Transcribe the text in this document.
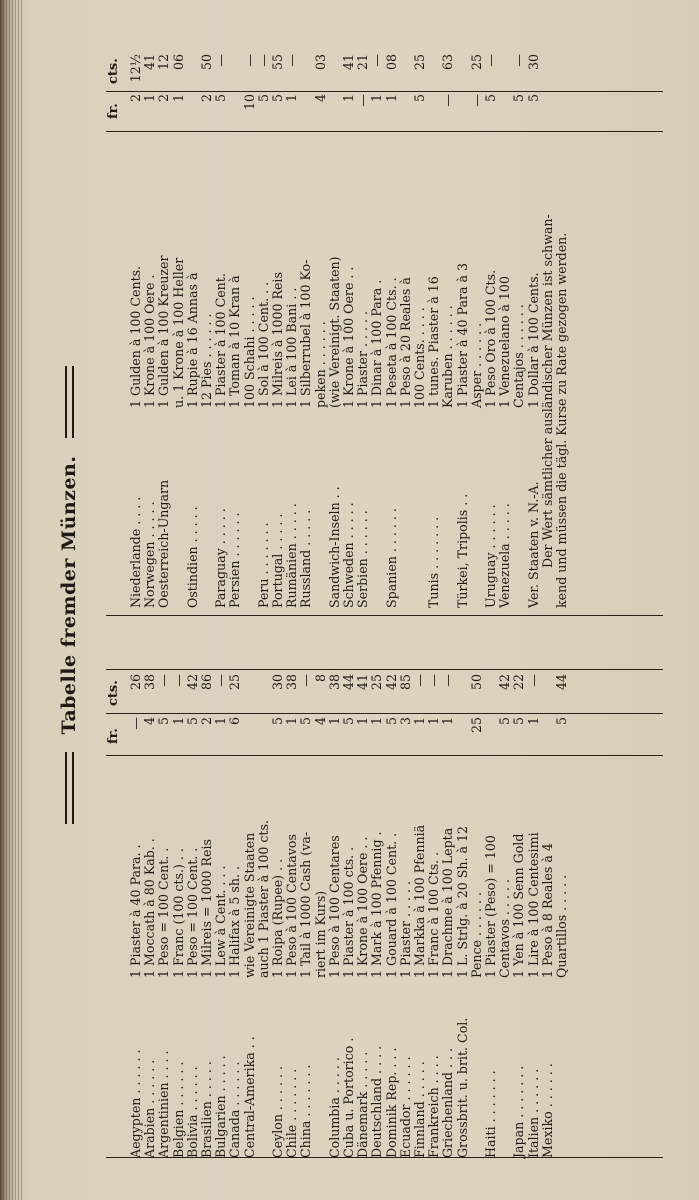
Tabelle fremder Münzen.
fr.
cts.
Aegypten . . . . . .
1 Piaster à 40 Para. .
—
26
Arabien . . . . . .
1 Moccath à 80 Kab. .
4
38
Argentinien . . . .
1 Peso = 100 Cent. .
5
—
Belgien . . . . . .
1 Franc (100 cts.) . .
1
—
Bolivia . . . . . .
1 Peso = 100 Cent. .
5
42
Brasilien . . . . .
1 Milreis = 1000 Reis
2
86
Bulgarien . . . . .
1 Lew à Cent. . . .
1
—
Canada . . . . . .
1 Halifax à 5 sh. .
6
25
Central-Amerika . .
wie Vereinigte Staaten auch 1 Piaster à 100 cts.
Ceylon . . . . . .
1 Roipa (Rupee) . .
5
30
Chile . . . . . . .
1 Peso à 100 Centavos
1
38
China . . . . . . .
1 Tail à 1000 Cash (va-
5
—
riert im Kurs)
4
8
Columbia . . . . .
1 Peso à 100 Centares
1
38
Cuba u. Portorico .
1 Piaster à 100 cts. .
5
44
Dänemark . . . . .
1 Krone à 100 Oere . .
1
41
Deutschland . . . .
1 Mark à 100 Pfennig .
1
25
Dominik Rep. . . .
1 Gouard à 100 Cent. .
5
42
Ecuador . . . . . .
1 Piaster . . . . .
3
85
Finnland . . . . .
1 Markka à 100 Pfenniä
1
—
Frankreich . . . .
1 Franc à 100 Cts. .
1
—
Griechenland . . .
1 Drachme à 100 Lepta
1
—
Grossbrit. u. brit. Col.
1 L. Strlg. à 20 Sh. à 12 Pence . . . . . .
25
50
Haiti . . . . . . .
1 Piaster (Peso) = 100 Centavos . . . . .
5
42
Japan . . . . . . .
1 Yen à 100 Senn Gold
5
22
Italien . . . . . .
1 Lire à 100 Centesimi
1
—
Mexiko . . . . . .
1 Peso à 8 Reales à 4 Quartillos . . . . .
5
44
fr.
cts.
Niederlande . . . .
1 Gulden à 100 Cents.
2
12½
Norwegen . . . . .
1 Krone à 100 Oere .
1
41
Oesterreich-Ungarn
1 Gulden à 100 Kreuzer
2
12
u. 1 Krone à 100 Heller
1
06
Ostindien . . . . .
1 Rupie à 16 Annas à 12 Pies . . . . . .
2
50
Paraguay . . . . .
1 Piaster à 100 Cent.
5
—
Persien . . . . . .
1 Toman à 10 Kran à 100 Schahi . . . . .
10
—
Peru . . . . . . .
1 Sol à 100 Cent. . .
5
—
Portugal . . . . .
1 Milreis à 1000 Reis
5
55
Rumänien . . . . .
1 Lei à 100 Bani . .
1
—
Russland . . . . .
1 Silberrubel à 100 Ko- peken . . . . . .
4
03
Sandwich-Inseln . .
(wie Vereinigt. Staaten)
Schweden . . . . .
1 Krone à 100 Oere . .
1
41
Serbien . . . . . .
1 Piaster . . . . .
—
21
1 Dinar à 100 Para .
1
—
Spanien . . . . . .
1 Peseta à 100 Cts. .
1
08
1 Peso à 20 Reales à 100 Cents. . . . .
5
25
Tunis . . . . . . .
1 tunes. Piaster à 16 Karuben . . . . . .
—
63
Türkei, Tripolis . .
1 Piaster à 40 Para à 3 Asper . . . . . .
—
25
Uruguay . . . . . .
1 Peso Oro à 100 Cts.
5
—
Venezuela . . . . .
1 Venezuelano à 100 Centajos . . . . . .
5
—
Ver. Staaten v. N.-A.
1 Dollar à 100 Cents.
5
30
Der Wert sämtlicher ausländischer Münzen ist schwan- kend und müssen die tägl. Kurse zu Rate gezogen werden.
